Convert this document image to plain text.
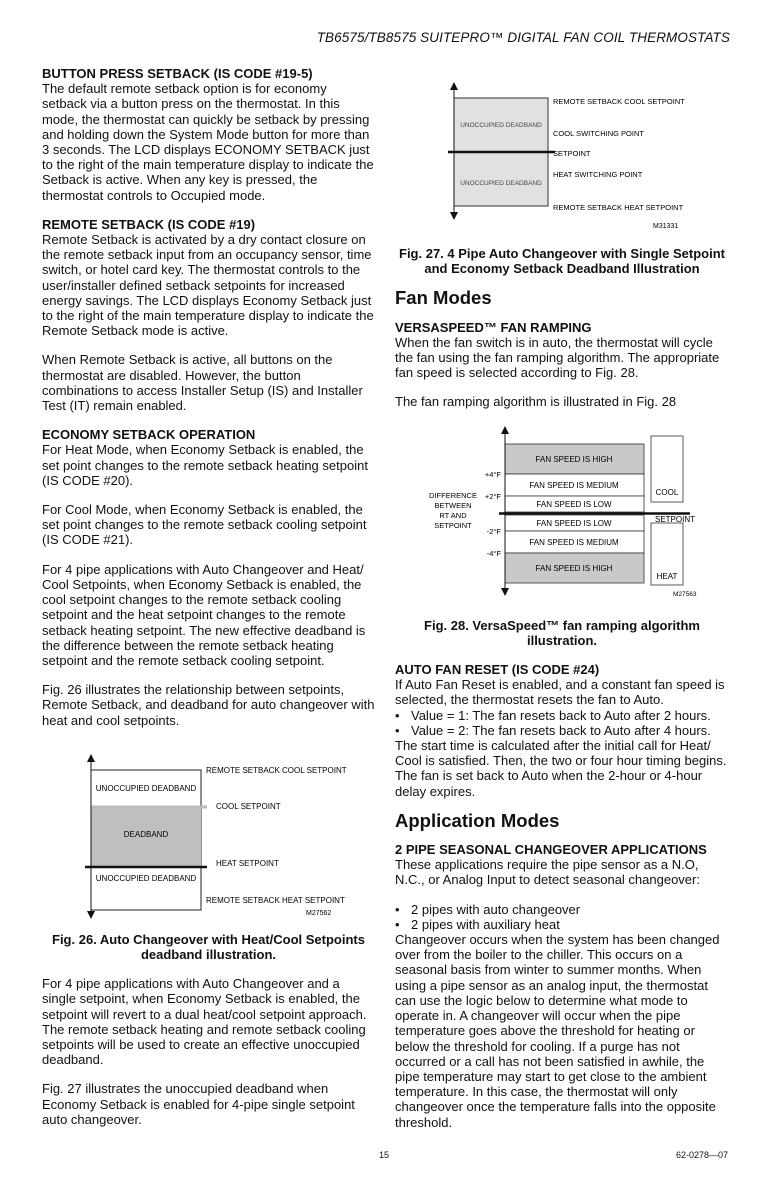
TB6575/TB8575 SUITEPRO™ DIGITAL FAN COIL THERMOSTATS
BUTTON PRESS SETBACK (IS CODE #19-5)

The default remote setback option is for economy setback via a button press on the thermostat. In this mode, the thermostat can quickly be setback by pressing and holding down the System Mode button for more than 3 seconds. The LCD displays ECONOMY SETBACK just to the right of the main temperature display to indicate the Setback is active. When any key is pressed, the thermostat controls to Occupied mode.

REMOTE SETBACK (IS CODE #19)

Remote Setback is activated by a dry contact closure on the remote setback input from an occupancy sensor, time switch, or hotel card key. The thermostat controls to the user/installer defined setback setpoints for increased energy savings. The LCD displays Economy Setback just to the right of the main temperature display to indicate the Remote Setback mode is active.

When Remote Setback is active, all buttons on the thermostat are disabled. However, the button combinations to access Installer Setup (IS) and Installer Test (IT) remain enabled.

ECONOMY SETBACK OPERATION

For Heat Mode, when Economy Setback is enabled, the set point changes to the remote setback heating setpoint (IS CODE #20).

For Cool Mode, when Economy Setback is enabled, the set point changes to the remote setback cooling setpoint (IS CODE #21).

For 4 pipe applications with Auto Changeover and Heat/ Cool Setpoints, when Economy Setback is enabled, the cool setpoint changes to the remote setback cooling setpoint and the heat setpoint changes to the remote setback heating setpoint. The new effective deadband is the difference between the remote setback heating setpoint and the remote setback cooling setpoint.

Fig. 26 illustrates the relationship between setpoints, Remote Setback, and deadband for auto changeover with heat and cool setpoints.

UNOCCUPIED DEADBAND
DEADBAND
UNOCCUPIED DEADBAND
REMOTE SETBACK COOL SETPOINT
COOL SETPOINT
HEAT SETPOINT
REMOTE SETBACK HEAT SETPOINT
M27562

Fig. 26. Auto Changeover with Heat/Cool Setpoints deadband illustration.

For 4 pipe applications with Auto Changeover and a single setpoint, when Economy Setback is enabled, the setpoint will revert to a dual heat/cool setpoint approach. The remote setback heating and remote setback cooling setpoints will be used to create an effective unoccupied deadband.

Fig. 27 illustrates the unoccupied deadband when Economy Setback is enabled for 4-pipe single setpoint auto changeover.

UNOCCUPIED DEADBAND
UNOCCUPIED DEADBAND
REMOTE SETBACK COOL SETPOINT
COOL SWITCHING POINT
SETPOINT
HEAT SWITCHING POINT
REMOTE SETBACK HEAT SETPOINT
M31331

Fig. 27. 4 Pipe Auto Changeover with Single Setpoint and Economy Setback Deadband Illustration

Fan Modes
VERSASPEED™ FAN RAMPING

When the fan switch is in auto, the thermostat will cycle the fan using the fan ramping algorithm. The appropriate fan speed is selected according to Fig. 28.

The fan ramping algorithm is illustrated in Fig. 28

FAN SPEED IS HIGH
FAN SPEED IS MEDIUM
FAN SPEED IS LOW
FAN SPEED IS LOW
FAN SPEED IS MEDIUM
FAN SPEED IS HIGH
+4°F
+2°F
-2°F
-4°F
DIFFERENCE
BETWEEN
RT AND
SETPOINT
COOL
SETPOINT
HEAT
M27563

Fig. 28. VersaSpeed™ fan ramping algorithm illustration.

AUTO FAN RESET (IS CODE #24)

If Auto Fan Reset is enabled, and a constant fan speed is selected, the thermostat resets the fan to Auto.

• Value = 1: The fan resets back to Auto after 2 hours.
• Value = 2: The fan resets back to Auto after 4 hours.

The start time is calculated after the initial call for Heat/ Cool is satisfied. Then, the two or four hour timing begins. The fan is set back to Auto when the 2-hour or 4-hour delay expires.

Application Modes
2 PIPE SEASONAL CHANGEOVER APPLICATIONS

These applications require the pipe sensor as a N.O, N.C., or Analog Input to detect seasonal changeover:

• 2 pipes with auto changeover
• 2 pipes with auxiliary heat

Changeover occurs when the system has been changed over from the boiler to the chiller. This occurs on a seasonal basis from winter to summer months. When using a pipe sensor as an analog input, the thermostat can use the logic below to determine what mode to operate in. A changeover will occur when the pipe temperature goes above the threshold for heating or below the threshold for cooling. If a purge has not occurred or a call has not been satisfied in awhile, the pipe temperature may start to get close to the ambient temperature. In this case, the thermostat will only changeover once the temperature falls into the opposite threshold.

15	62-0278—07
